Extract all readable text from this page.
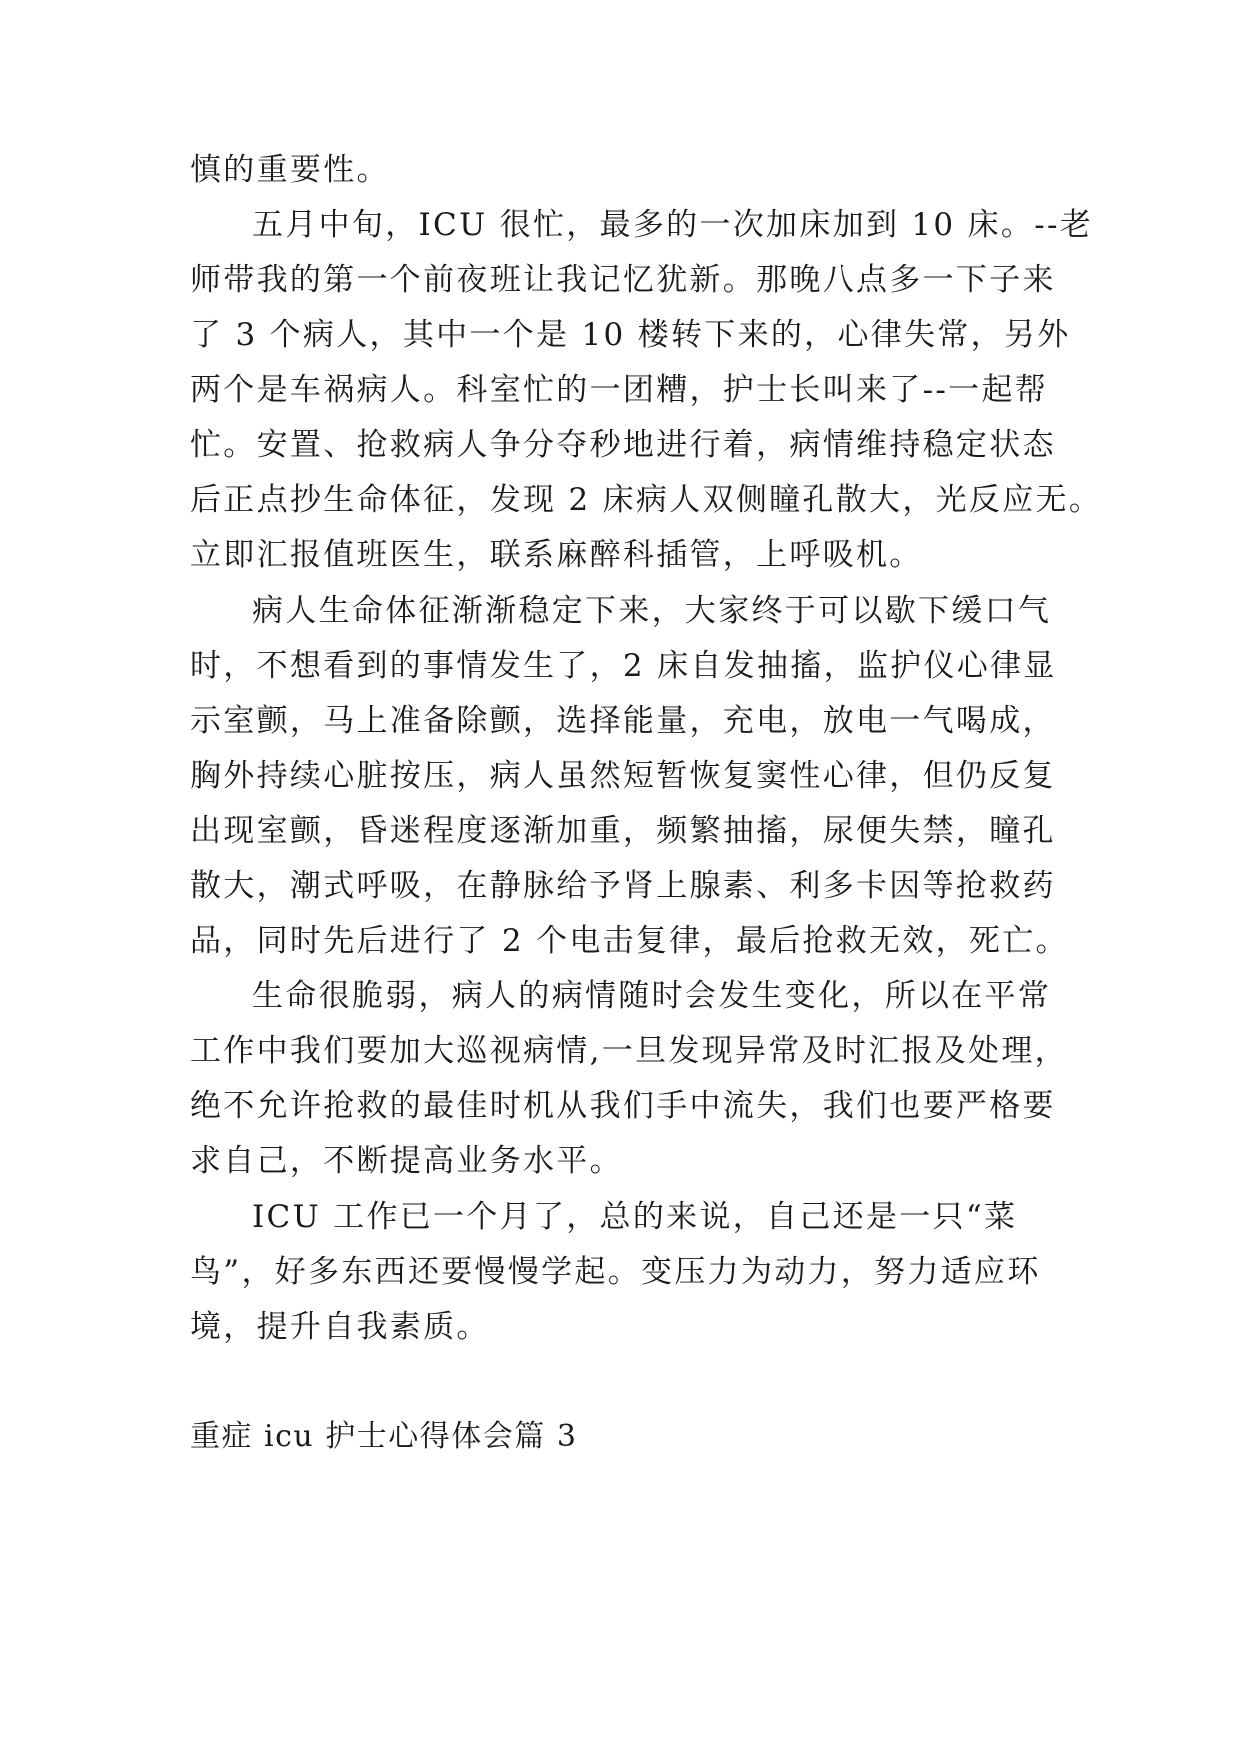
慎的重要性。
五月中旬，ICU 很忙，最多的一次加床加到 10 床。--老
师带我的第一个前夜班让我记忆犹新。那晚八点多一下子来
了 3 个病人，其中一个是 10 楼转下来的，心律失常，另外
两个是车祸病人。科室忙的一团糟，护士长叫来了--一起帮
忙。安置、抢救病人争分夺秒地进行着，病情维持稳定状态
后正点抄生命体征，发现 2 床病人双侧瞳孔散大，光反应无。
立即汇报值班医生，联系麻醉科插管，上呼吸机。
病人生命体征渐渐稳定下来，大家终于可以歇下缓口气
时，不想看到的事情发生了，2 床自发抽搐，监护仪心律显
示室颤，马上准备除颤，选择能量，充电，放电一气喝成，
胸外持续心脏按压，病人虽然短暂恢复窦性心律，但仍反复
出现室颤，昏迷程度逐渐加重，频繁抽搐，尿便失禁，瞳孔
散大，潮式呼吸，在静脉给予肾上腺素、利多卡因等抢救药
品，同时先后进行了 2 个电击复律，最后抢救无效，死亡。
生命很脆弱，病人的病情随时会发生变化，所以在平常
工作中我们要加大巡视病情,一旦发现异常及时汇报及处理，
绝不允许抢救的最佳时机从我们手中流失，我们也要严格要
求自己，不断提高业务水平。
ICU 工作已一个月了，总的来说，自己还是一只“菜
鸟”，好多东西还要慢慢学起。变压力为动力，努力适应环
境，提升自我素质。
重症 icu 护士心得体会篇 3
